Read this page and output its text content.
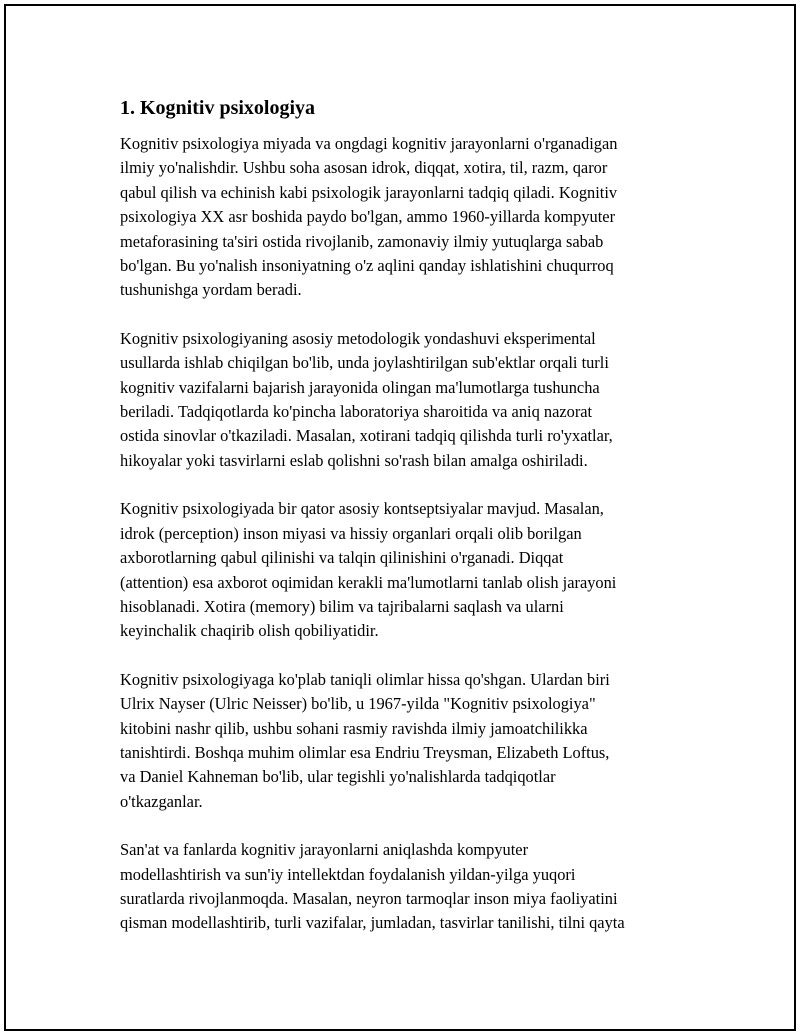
1. Kognitiv psixologiya

Kognitiv psixologiya miyada va ongdagi kognitiv jarayonlarni o'rganadigan
ilmiy yo'nalishdir. Ushbu soha asosan idrok, diqqat, xotira, til, razm, qaror
qabul qilish va echinish kabi psixologik jarayonlarni tadqiq qiladi. Kognitiv
psixologiya XX asr boshida paydo bo'lgan, ammo 1960-yillarda kompyuter
metaforasining ta'siri ostida rivojlanib, zamonaviy ilmiy yutuqlarga sabab
bo'lgan. Bu yo'nalish insoniyatning o'z aqlini qanday ishlatishini chuqurroq
tushunishga yordam beradi.

Kognitiv psixologiyaning asosiy metodologik yondashuvi eksperimental
usullarda ishlab chiqilgan bo'lib, unda joylashtirilgan sub'ektlar orqali turli
kognitiv vazifalarni bajarish jarayonida olingan ma'lumotlarga tushuncha
beriladi. Tadqiqotlarda ko'pincha laboratoriya sharoitida va aniq nazorat
ostida sinovlar o'tkaziladi. Masalan, xotirani tadqiq qilishda turli ro'yxatlar,
hikoyalar yoki tasvirlarni eslab qolishni so'rash bilan amalga oshiriladi.

Kognitiv psixologiyada bir qator asosiy kontseptsiyalar mavjud. Masalan,
idrok (perception) inson miyasi va hissiy organlari orqali olib borilgan
axborotlarning qabul qilinishi va talqin qilinishini o'rganadi. Diqqat
(attention) esa axborot oqimidan kerakli ma'lumotlarni tanlab olish jarayoni
hisoblanadi. Xotira (memory) bilim va tajribalarni saqlash va ularni
keyinchalik chaqirib olish qobiliyatidir.

Kognitiv psixologiyaga ko'plab taniqli olimlar hissa qo'shgan. Ulardan biri
Ulrix Nayser (Ulric Neisser) bo'lib, u 1967-yilda "Kognitiv psixologiya"
kitobini nashr qilib, ushbu sohani rasmiy ravishda ilmiy jamoatchilikka
tanishtirdi. Boshqa muhim olimlar esa Endriu Treysman, Elizabeth Loftus,
va Daniel Kahneman bo'lib, ular tegishli yo'nalishlarda tadqiqotlar
o'tkazganlar.

San'at va fanlarda kognitiv jarayonlarni aniqlashda kompyuter
modellashtirish va sun'iy intellektdan foydalanish yildan-yilga yuqori
suratlarda rivojlanmoqda. Masalan, neyron tarmoqlar inson miya faoliyatini
qisman modellashtirib, turli vazifalar, jumladan, tasvirlar tanilishi, tilni qayta
